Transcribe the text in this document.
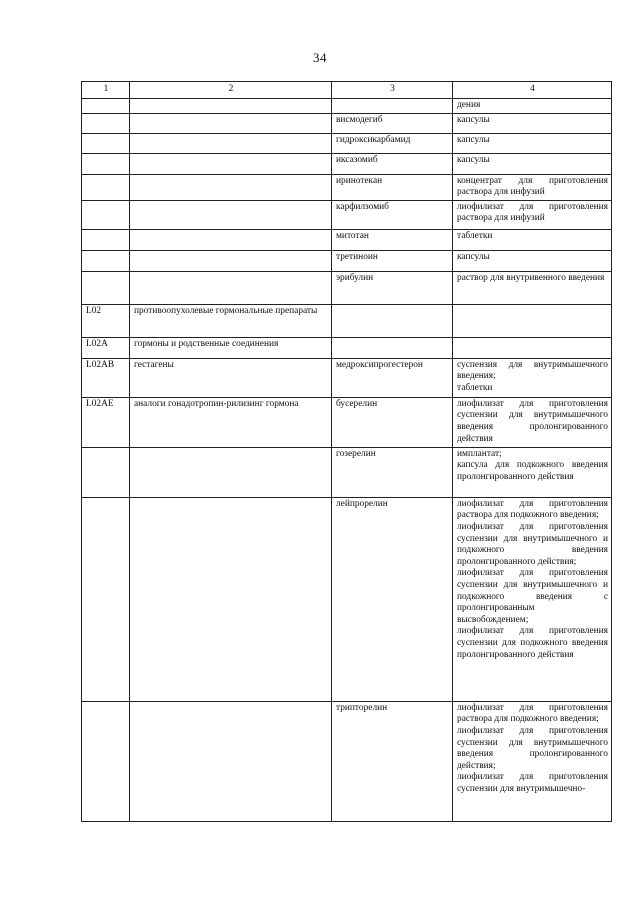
34
1	2	3	4

			дения

		висмодегиб	капсулы

		гидроксикарбамид	капсулы

		иксазомиб	капсулы

		иринотекан	концентрат для приготовления раствора для инфузий

		карфилзомиб	лиофилизат для приготовления раствора для инфузий

		митотан	таблетки

		третиноин	капсулы

		эрибулин	раствор для внутривенного введения

L02	противоопухолевые гормональные препараты		
L02A	гормоны и родственные соединения		
L02AB	гестагены	медроксипрогестерон	суспензия для внутримышечного введения;
таблетки

L02AE	аналоги гонадотропин-рилизинг гормона	бусерелин	лиофилизат для приготовления суспензии для внутримышечного введения пролонгированного действия

		гозерелин	имплантат;
капсула для подкожного введения пролонгированного действия

		лейпрорелин	лиофилизат для приготовления раствора для подкожного введения;
лиофилизат для приготовления суспензии для внутримышечного и подкожного введения пролонгированного действия;
лиофилизат для приготовления суспензии для внутримышечного и подкожного введения с пролонгированным высвобождением;
лиофилизат для приготовления суспензии для подкожного введения пролонгированного действия

		трипторелин	лиофилизат для приготовления раствора для подкожного введения;
лиофилизат для приготовления суспензии для внутримышечного введения пролонгированного действия;
лиофилизат для приготовления суспензии для внутримышечно-
